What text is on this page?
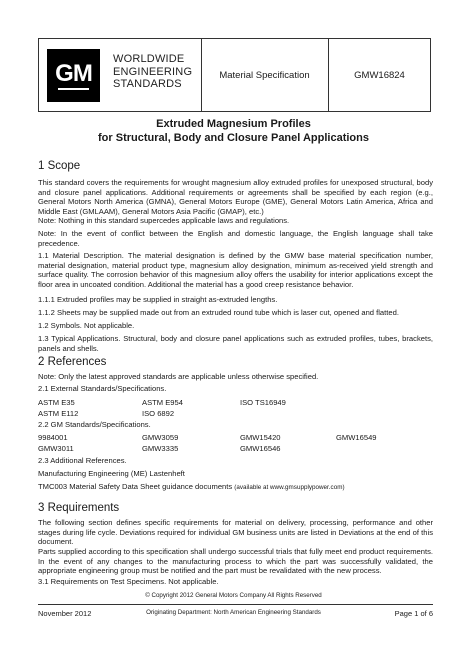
GM
WORLDWIDE
ENGINEERING
STANDARDS
Material Specification	GMW16824
Extruded Magnesium Profiles
for Structural, Body and Closure Panel Applications
1 Scope

This standard covers the requirements for wrought magnesium alloy extruded profiles for unexposed structural, body and closure panel applications. Additional requirements or agreements shall be specified by each region (e.g., General Motors North America (GMNA), General Motors Europe (GME), General Motors Latin America, Africa and Middle East (GMLAAM), General Motors Asia Pacific (GMAP), etc.)

Note: Nothing in this standard supercedes applicable laws and regulations.

Note: In the event of conflict between the English and domestic language, the English language shall take precedence.

1.1 Material Description. The material designation is defined by the GMW base material specification number, material designation, material product type, magnesium alloy designation, minimum as-received yield strength and surface quality. The corrosion behavior of this magnesium alloy offers the usability for interior applications except the floor area in uncoated condition. Additional the material has a good creep resistance behavior.

1.1.1 Extruded profiles may be supplied in straight as-extruded lengths.

1.1.2 Sheets may be supplied made out from an extruded round tube which is laser cut, opened and flatted.

1.2 Symbols. Not applicable.

1.3 Typical Applications. Structural, body and closure panel applications such as extruded profiles, tubes, brackets, panels and shells.

2 References

Note: Only the latest approved standards are applicable unless otherwise specified.

2.1 External Standards/Specifications.

ASTM E35	ASTM E954	ISO TS16949
ASTM E112	ISO 6892

2.2 GM Standards/Specifications.

9984001	GMW3059	GMW15420	GMW16549
GMW3011	GMW3335	GMW16546

2.3 Additional References.

Manufacturing Engineering (ME) Lastenheft

TMC003 Material Safety Data Sheet guidance documents (available at www.gmsupplypower.com)

3 Requirements

The following section defines specific requirements for material on delivery, processing, performance and other stages during life cycle. Deviations required for individual GM business units are listed in Deviations at the end of this document.

Parts supplied according to this specification shall undergo successful trials that fully meet end product requirements. In the event of any changes to the manufacturing process to which the part was successfully validated, the appropriate engineering group must be notified and the part must be revalidated with the new process.

3.1 Requirements on Test Specimens. Not applicable.

© Copyright 2012 General Motors Company All Rights Reserved
November 2012	Originating Department: North American Engineering Standards	Page 1 of 6
